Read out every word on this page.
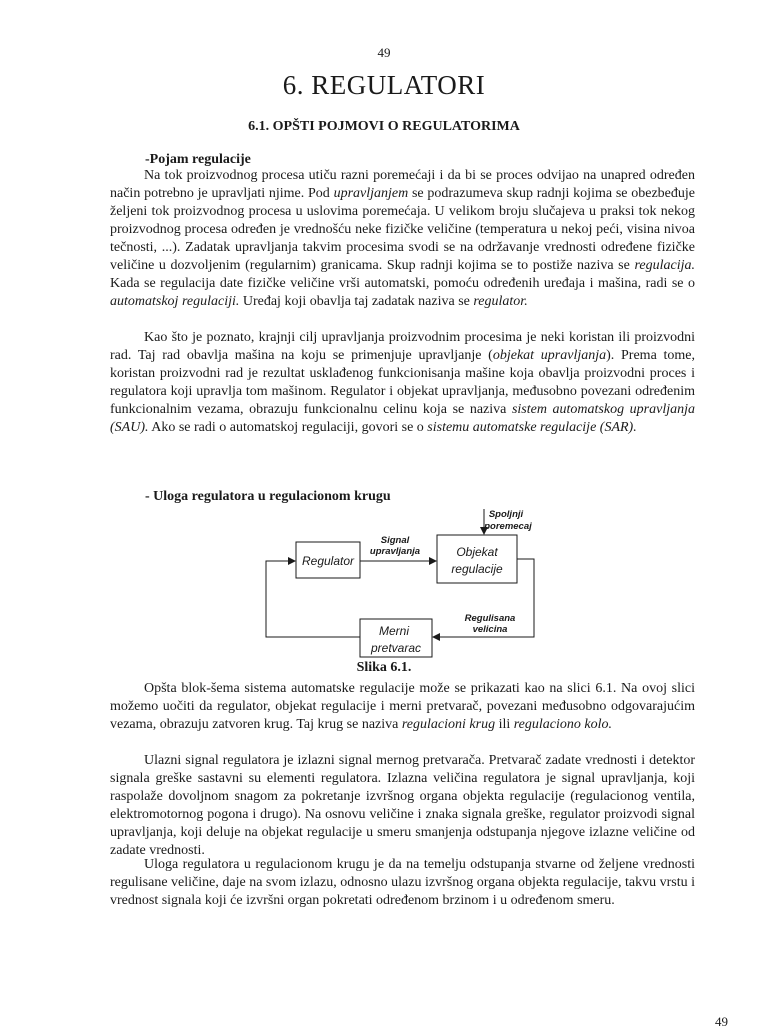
49
6. REGULATORI
6.1. OPŠTI POJMOVI O REGULATORIMA
-Pojam regulacije

Na tok proizvodnog procesa utiču razni poremećaji i da bi se proces odvijao na unapred određen način potrebno je upravljati njime. Pod upravljanjem se podrazumeva skup radnji kojima se obezbeđuje željeni tok proizvodnog procesa u uslovima poremećaja. U velikom broju slučajeva u praksi tok nekog proizvodnog procesa određen je vrednošću neke fizičke veličine (temperatura u nekoj peći, visina nivoa tečnosti, ...). Zadatak upravljanja takvim procesima svodi se na održavanje vrednosti određene fizičke veličine u dozvoljenim (regularnim) granicama. Skup radnji kojima se to postiže naziva se regulacija. Kada se regulacija date fizičke veličine vrši automatski, pomoću određenih uređaja i mašina, radi se o automatskoj regulaciji. Uređaj koji obavlja taj zadatak naziva se regulator.

Kao što je poznato, krajnji cilj upravljanja proizvodnim procesima je neki koristan ili proizvodni rad. Taj rad obavlja mašina na koju se primenjuje upravljanje (objekat upravljanja). Prema tome, koristan proizvodni rad je rezultat usklađenog funkcionisanja mašine koja obavlja proizvodni proces i regulatora koji upravlja tom mašinom. Regulator i objekat upravljanja, međusobno povezani određenim funkcionalnim vezama, obrazuju funkcionalnu celinu koja se naziva sistem automatskog upravljanja (SAU). Ako se radi o automatskoj regulaciji, govori se o sistemu automatske regulacije (SAR).

- Uloga regulatora u regulacionom krugu
Regulator
Objekat
regulacije
Merni
pretvarac
Signal
upravljanja
Spoljnji
poremecaj
Regulisana
velicina
Slika 6.1.

Opšta blok-šema sistema automatske regulacije može se prikazati kao na slici 6.1. Na ovoj slici možemo uočiti da regulator, objekat regulacije i merni pretvarač, povezani međusobno odgovarajućim vezama, obrazuju zatvoren krug. Taj krug se naziva regulacioni krug ili regulaciono kolo.

Ulazni signal regulatora je izlazni signal mernog pretvarača. Pretvarač zadate vrednosti i detektor signala greške sastavni su elementi regulatora. Izlazna veličina regulatora je signal upravljanja, koji raspolaže dovoljnom snagom za pokretanje izvršnog organa objekta regulacije (regulacionog ventila, elektromotornog pogona i drugo). Na osnovu veličine i znaka signala greške, regulator proizvodi signal upravljanja, koji deluje na objekat regulacije u smeru smanjenja odstupanja njegove izlazne veličine od zadate vrednosti.

Uloga regulatora u regulacionom krugu je da na temelju odstupanja stvarne od željene vrednosti regulisane veličine, daje na svom izlazu, odnosno ulazu izvršnog organa objekta regulacije, takvu vrstu i vrednost signala koji će izvršni organ pokretati određenom brzinom i u određenom smeru.

49
